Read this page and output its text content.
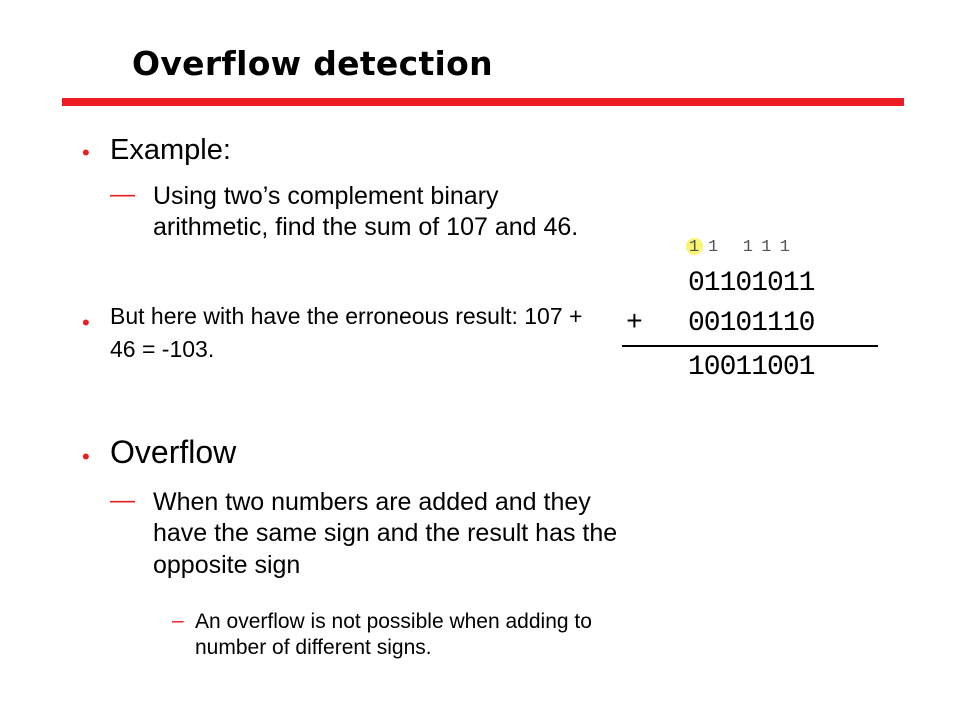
Overflow detection
• Example:
— Using two’s complement binary arithmetic, find the sum of 107 and 46.
• But here with have the erroneous result: 107 + 46 = -103.
• Overflow
— When two numbers are added and they have the same sign and the result has the opposite sign
– An overflow is not possible when adding to number of different signs.
1 1   1 1 1
01101011
+ 00101110
10011001
